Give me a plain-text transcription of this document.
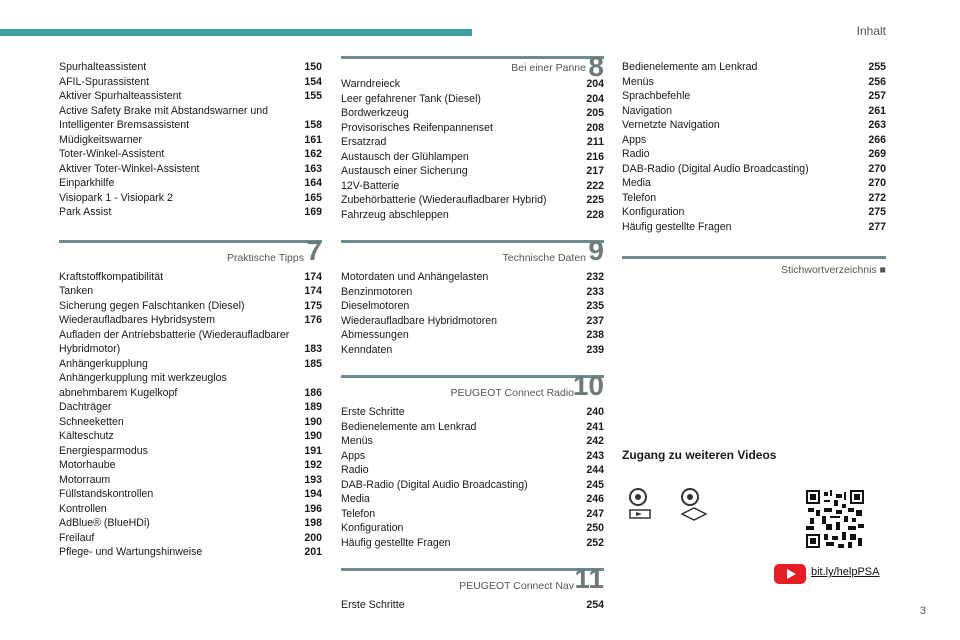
Inhalt
Spurhalteassistent	150
AFIL-Spurassistent	154
Aktiver Spurhalteassistent	155
Active Safety Brake mit Abstandswarner und
Intelligenter Bremsassistent	158
Müdigkeitswarner	161
Toter-Winkel-Assistent	162
Aktiver Toter-Winkel-Assistent	163
Einparkhilfe	164
Visiopark 1 - Visiopark 2	165
Park Assist	169
Praktische Tipps 7
Kraftstoffkompatibilität	174
Tanken	174
Sicherung gegen Falschtanken (Diesel)	175
Wiederaufladbares Hybridsystem	176
Aufladen der Antriebsbatterie (Wiederaufladbarer
Hybridmotor)	183
Anhängerkupplung	185
Anhängerkupplung mit werkzeuglos
abnehmbarem Kugelkopf	186
Dachträger	189
Schneeketten	190
Kälteschutz	190
Energiesparmodus	191
Motorhaube	192
Motorraum	193
Füllstandskontrollen	194
Kontrollen	196
AdBlue® (BlueHDi)	198
Freilauf	200
Pflege- und Wartungshinweise	201
Bei einer Panne 8
Warndreieck	204
Leer gefahrener Tank (Diesel)	204
Bordwerkzeug	205
Provisorisches Reifenpannenset	208
Ersatzrad	211
Austausch der Glühlampen	216
Austausch einer Sicherung	217
12V-Batterie	222
Zubehörbatterie (Wiederaufladbarer Hybrid)	225
Fahrzeug abschleppen	228
Technische Daten 9
Motordaten und Anhängelasten	232
Benzinmotoren	233
Dieselmotoren	235
Wiederaufladbare Hybridmotoren	237
Abmessungen	238
Kenndaten	239
PEUGEOT Connect Radio
10
Erste Schritte	240
Bedienelemente am Lenkrad	241
Menüs	242
Apps	243
Radio	244
DAB-Radio (Digital Audio Broadcasting)	245
Media	246
Telefon	247
Konfiguration	250
Häufig gestellte Fragen	252
PEUGEOT Connect Nav 11
Erste Schritte	254
Bedienelemente am Lenkrad	255
Menüs	256
Sprachbefehle	257
Navigation	261
Vernetzte Navigation	263
Apps	266
Radio	269
DAB-Radio (Digital Audio Broadcasting)	270
Media	270
Telefon	272
Konfiguration	275
Häufig gestellte Fragen	277
Stichwortverzeichnis ■
Zugang zu weiteren Videos
bit.ly/helpPSA
3
